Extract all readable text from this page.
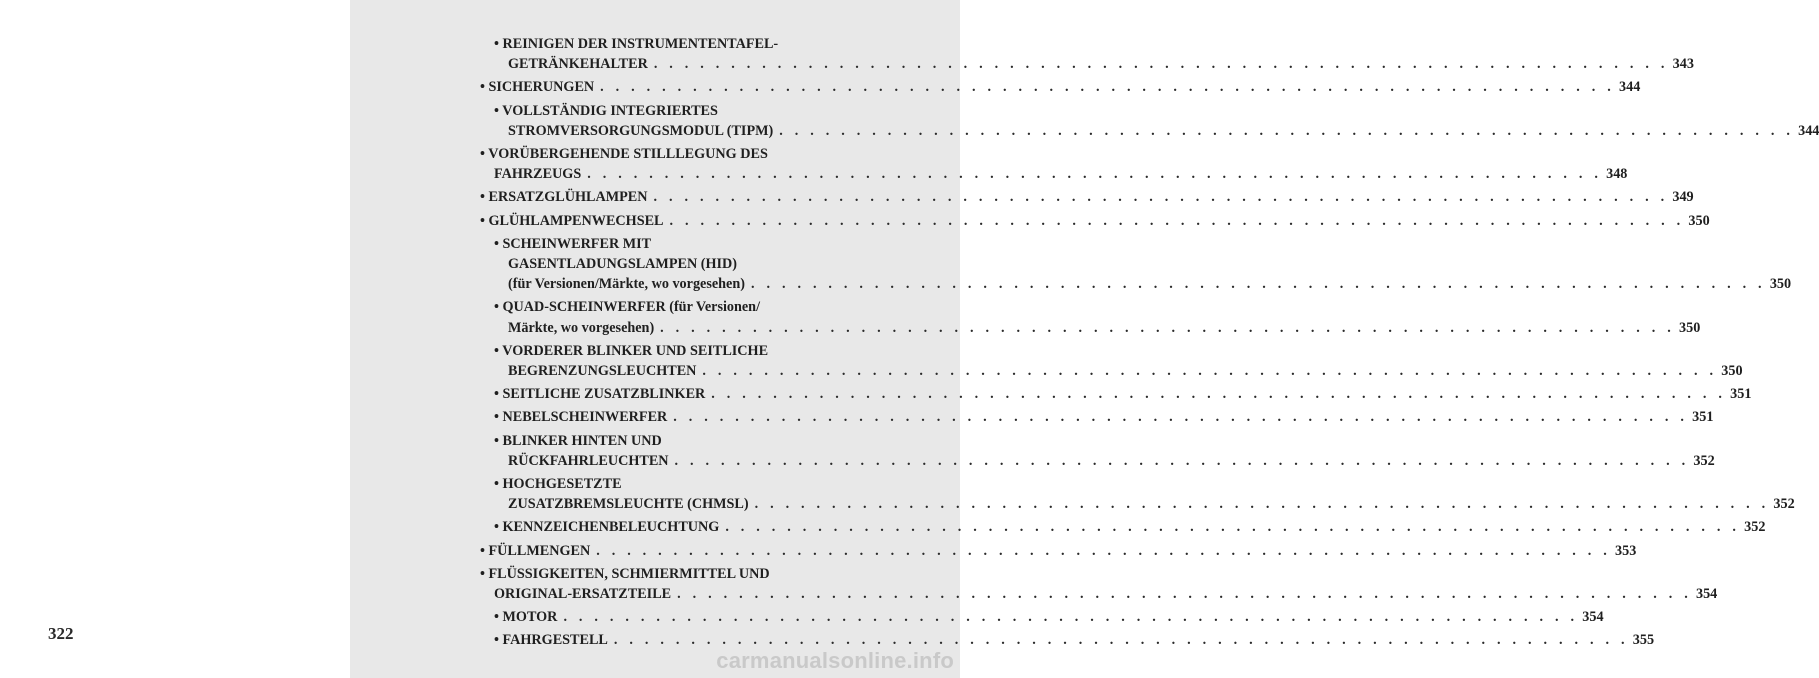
322
• REINIGEN DER INSTRUMENTENTAFEL-
GETRÄNKEHALTER . . . . . . . . . . . . . . . . . . . . . . . . . . . . . . . . . . . . . . . . . . . . . . . . . . . . . . . . . . . . . . . . . . 343
• SICHERUNGEN . . . . . . . . . . . . . . . . . . . . . . . . . . . . . . . . . . . . . . . . . . . . . . . . . . . . . . . . . . . . . . . . . . 344
• VOLLSTÄNDIG INTEGRIERTES
STROMVERSORGUNGSMODUL (TIPM) . . . . . . . . . . . . . . . . . . . . . . . . . . . . . . . . . . . . . . . . . . . . . . . . . . . . . . . . . . . . . . . . . . 344
• VORÜBERGEHENDE STILLLEGUNG DES
FAHRZEUGS . . . . . . . . . . . . . . . . . . . . . . . . . . . . . . . . . . . . . . . . . . . . . . . . . . . . . . . . . . . . . . . . . . 348
• ERSATZGLÜHLAMPEN . . . . . . . . . . . . . . . . . . . . . . . . . . . . . . . . . . . . . . . . . . . . . . . . . . . . . . . . . . . . . . . . . . 349
• GLÜHLAMPENWECHSEL . . . . . . . . . . . . . . . . . . . . . . . . . . . . . . . . . . . . . . . . . . . . . . . . . . . . . . . . . . . . . . . . . . 350
• SCHEINWERFER MIT
GASENTLADUNGSLAMPEN (HID)
(für Versionen/Märkte, wo vorgesehen) . . . . . . . . . . . . . . . . . . . . . . . . . . . . . . . . . . . . . . . . . . . . . . . . . . . . . . . . . . . . . . . . . . 350
• QUAD-SCHEINWERFER (für Versionen/
Märkte, wo vorgesehen) . . . . . . . . . . . . . . . . . . . . . . . . . . . . . . . . . . . . . . . . . . . . . . . . . . . . . . . . . . . . . . . . . . 350
• VORDERER BLINKER UND SEITLICHE
BEGRENZUNGSLEUCHTEN . . . . . . . . . . . . . . . . . . . . . . . . . . . . . . . . . . . . . . . . . . . . . . . . . . . . . . . . . . . . . . . . . . 350
• SEITLICHE ZUSATZBLINKER . . . . . . . . . . . . . . . . . . . . . . . . . . . . . . . . . . . . . . . . . . . . . . . . . . . . . . . . . . . . . . . . . . 351
• NEBELSCHEINWERFER . . . . . . . . . . . . . . . . . . . . . . . . . . . . . . . . . . . . . . . . . . . . . . . . . . . . . . . . . . . . . . . . . . 351
• BLINKER HINTEN UND
RÜCKFAHRLEUCHTEN . . . . . . . . . . . . . . . . . . . . . . . . . . . . . . . . . . . . . . . . . . . . . . . . . . . . . . . . . . . . . . . . . . 352
• HOCHGESETZTE
ZUSATZBREMSLEUCHTE (CHMSL) . . . . . . . . . . . . . . . . . . . . . . . . . . . . . . . . . . . . . . . . . . . . . . . . . . . . . . . . . . . . . . . . . . 352
• KENNZEICHENBELEUCHTUNG . . . . . . . . . . . . . . . . . . . . . . . . . . . . . . . . . . . . . . . . . . . . . . . . . . . . . . . . . . . . . . . . . . 352
• FÜLLMENGEN . . . . . . . . . . . . . . . . . . . . . . . . . . . . . . . . . . . . . . . . . . . . . . . . . . . . . . . . . . . . . . . . . . 353
• FLÜSSIGKEITEN, SCHMIERMITTEL UND
ORIGINAL-ERSATZTEILE . . . . . . . . . . . . . . . . . . . . . . . . . . . . . . . . . . . . . . . . . . . . . . . . . . . . . . . . . . . . . . . . . . 354
• MOTOR . . . . . . . . . . . . . . . . . . . . . . . . . . . . . . . . . . . . . . . . . . . . . . . . . . . . . . . . . . . . . . . . . . 354
• FAHRGESTELL . . . . . . . . . . . . . . . . . . . . . . . . . . . . . . . . . . . . . . . . . . . . . . . . . . . . . . . . . . . . . . . . . . 355
carmanualsonline.info
